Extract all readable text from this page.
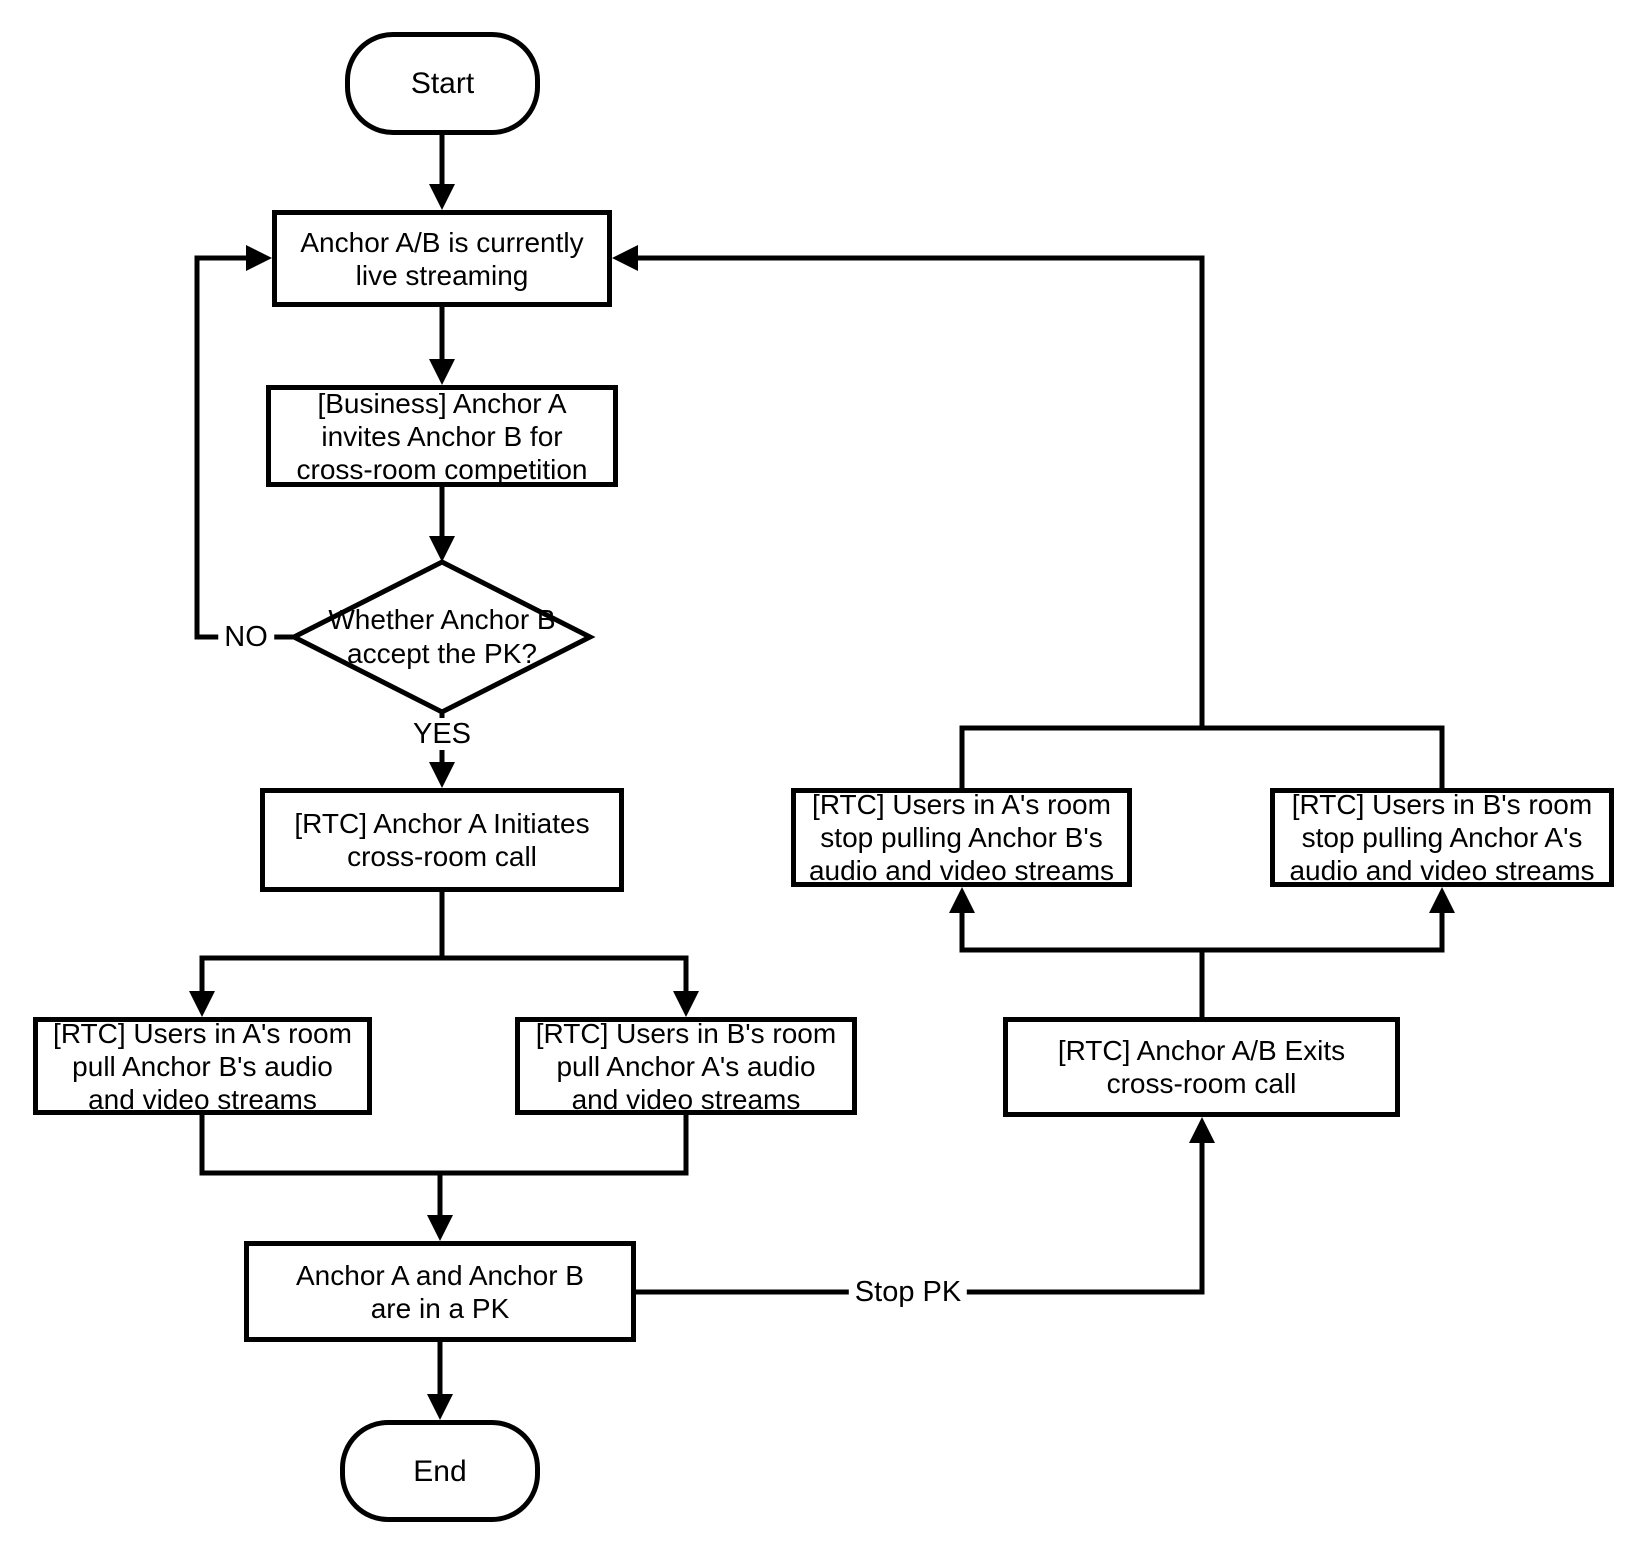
Start
Anchor A/B is currently
live streaming
[Business] Anchor A
invites Anchor B for
cross-room competition
Whether Anchor B
accept the PK?
[RTC] Anchor A Initiates
cross-room call
[RTC] Users in A's room
pull Anchor B's audio
and video streams
[RTC] Users in B's room
pull Anchor A's audio
and video streams
Anchor A and Anchor B
are in a PK
End
[RTC] Anchor A/B Exits
cross-room call
[RTC] Users in A's room
stop pulling Anchor B's
audio and video streams
[RTC] Users in B's room
stop pulling Anchor A's
audio and video streams
NO
YES
Stop PK
